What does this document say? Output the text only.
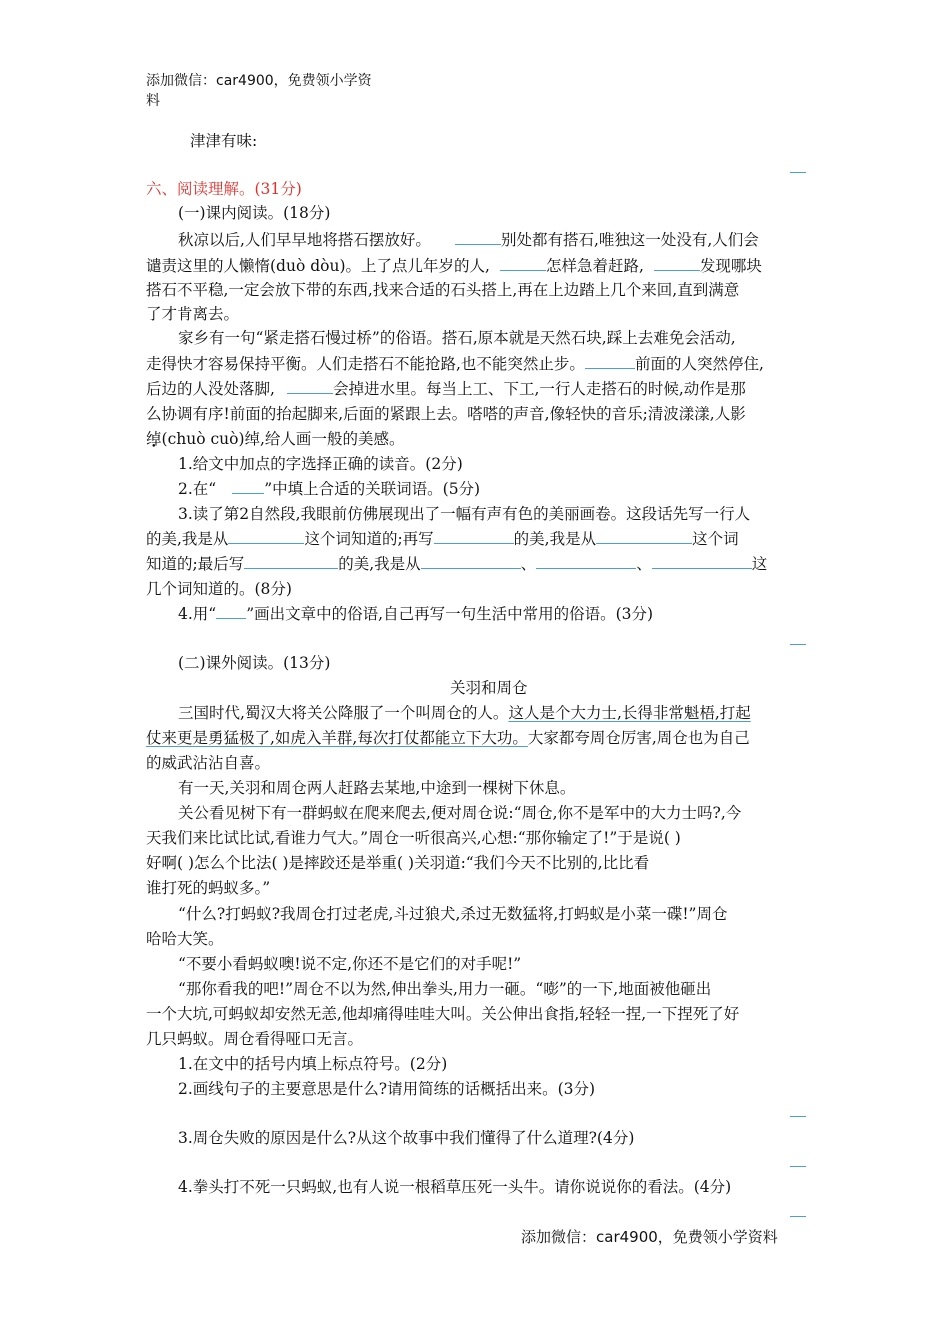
添加微信：car4900，免费领小学资
料
津津有味:
六、阅读理解。(31分)
(一)课内阅读。(18分)
秋凉以后,人们早早地将搭石摆放好。	别处都有搭石,唯独这一处没有,人们会
谴责这里的人懒惰(duò dòu)。上了点儿年岁的人,	怎样急着赶路,	发现哪块
搭石不平稳,一定会放下带的东西,找来合适的石头搭上,再在上边踏上几个来回,直到满意
了才肯离去。
家乡有一句“紧走搭石慢过桥”的俗语。搭石,原本就是天然石块,踩上去难免会活动,
走得快才容易保持平衡。人们走搭石不能抢路,也不能突然止步。	前面的人突然停住,
后边的人没处落脚,	会掉进水里。每当上工、下工,一行人走搭石的时候,动作是那
么协调有序!前面的抬起脚来,后面的紧跟上去。嗒嗒的声音,像轻快的音乐;清波漾漾,人影
绰(chuò cuò)绰,给人画一般的美感。
1.给文中加点的字选择正确的读音。(2分)
2.在“	”中填上合适的关联词语。(5分)
3.读了第2自然段,我眼前仿佛展现出了一幅有声有色的美丽画卷。这段话先写一行人
的美,我是从	这个词知道的;再写	的美,我是从	这个词
知道的;最后写	的美,我是从	、	、	这
几个词知道的。(8分)
4.用“ ”画出文章中的俗语,自己再写一句生活中常用的俗语。(3分)
(二)课外阅读。(13分)
关羽和周仓
三国时代,蜀汉大将关公降服了一个叫周仓的人。这人是个大力士,长得非常魁梧,打起
仗来更是勇猛极了,如虎入羊群,每次打仗都能立下大功。大家都夸周仓厉害,周仓也为自己
的威武沾沾自喜。
有一天,关羽和周仓两人赶路去某地,中途到一棵树下休息。
关公看见树下有一群蚂蚁在爬来爬去,便对周仓说:“周仓,你不是军中的大力士吗?,今
天我们来比试比试,看谁力气大。”周仓一听很高兴,心想:“那你输定了!”于是说( )
好啊( )怎么个比法( )是摔跤还是举重( )关羽道:“我们今天不比别的,比比看
谁打死的蚂蚁多。”
“什么?打蚂蚁?我周仓打过老虎,斗过狼犬,杀过无数猛将,打蚂蚁是小菜一碟!”周仓
哈哈大笑。
“不要小看蚂蚁噢!说不定,你还不是它们的对手呢!”
“那你看我的吧!”周仓不以为然,伸出拳头,用力一砸。“嘭”的一下,地面被他砸出
一个大坑,可蚂蚁却安然无恙,他却痛得哇哇大叫。关公伸出食指,轻轻一捏,一下捏死了好
几只蚂蚁。周仓看得哑口无言。
1.在文中的括号内填上标点符号。(2分)
2.画线句子的主要意思是什么?请用简练的话概括出来。(3分)
3.周仓失败的原因是什么?从这个故事中我们懂得了什么道理?(4分)
4.拳头打不死一只蚂蚁,也有人说一根稻草压死一头牛。请你说说你的看法。(4分)
添加微信：car4900，免费领小学资料
